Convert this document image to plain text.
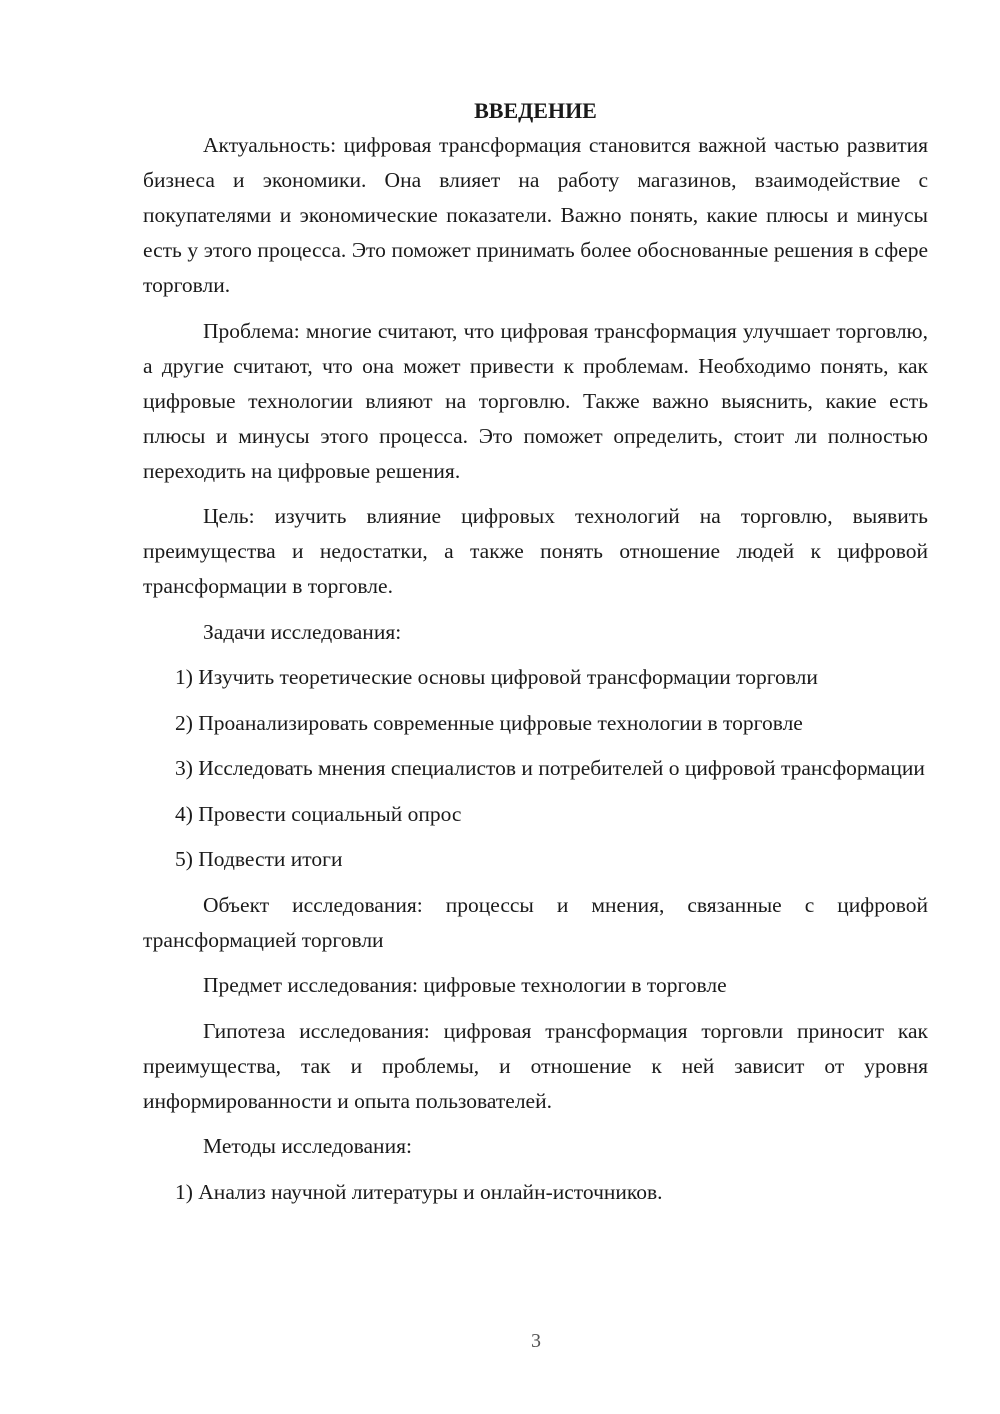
ВВЕДЕНИЕ

Актуальность: цифровая трансформация становится важной частью развития бизнеса и экономики. Она влияет на работу магазинов, взаимодействие с покупателями и экономические показатели. Важно понять, какие плюсы и минусы есть у этого процесса. Это поможет принимать более обоснованные решения в сфере торговли.

Проблема: многие считают, что цифровая трансформация улучшает торговлю, а другие считают, что она может привести к проблемам. Необходимо понять, как цифровые технологии влияют на торговлю. Также важно выяснить, какие есть плюсы и минусы этого процесса. Это поможет определить, стоит ли полностью переходить на цифровые решения.

Цель: изучить влияние цифровых технологий на торговлю, выявить преимущества и недостатки, а также понять отношение людей к цифровой трансформации в торговле.

Задачи исследования:

1) Изучить теоретические основы цифровой трансформации торговли

2) Проанализировать современные цифровые технологии в торговле

3) Исследовать мнения специалистов и потребителей о цифровой трансформации

4) Провести социальный опрос

5) Подвести итоги

Объект исследования: процессы и мнения, связанные с цифровой трансформацией торговли

Предмет исследования: цифровые технологии в торговле

Гипотеза исследования: цифровая трансформация торговли приносит как преимущества, так и проблемы, и отношение к ней зависит от уровня информированности и опыта пользователей.

Методы исследования:

1) Анализ научной литературы и онлайн-источников.

3
